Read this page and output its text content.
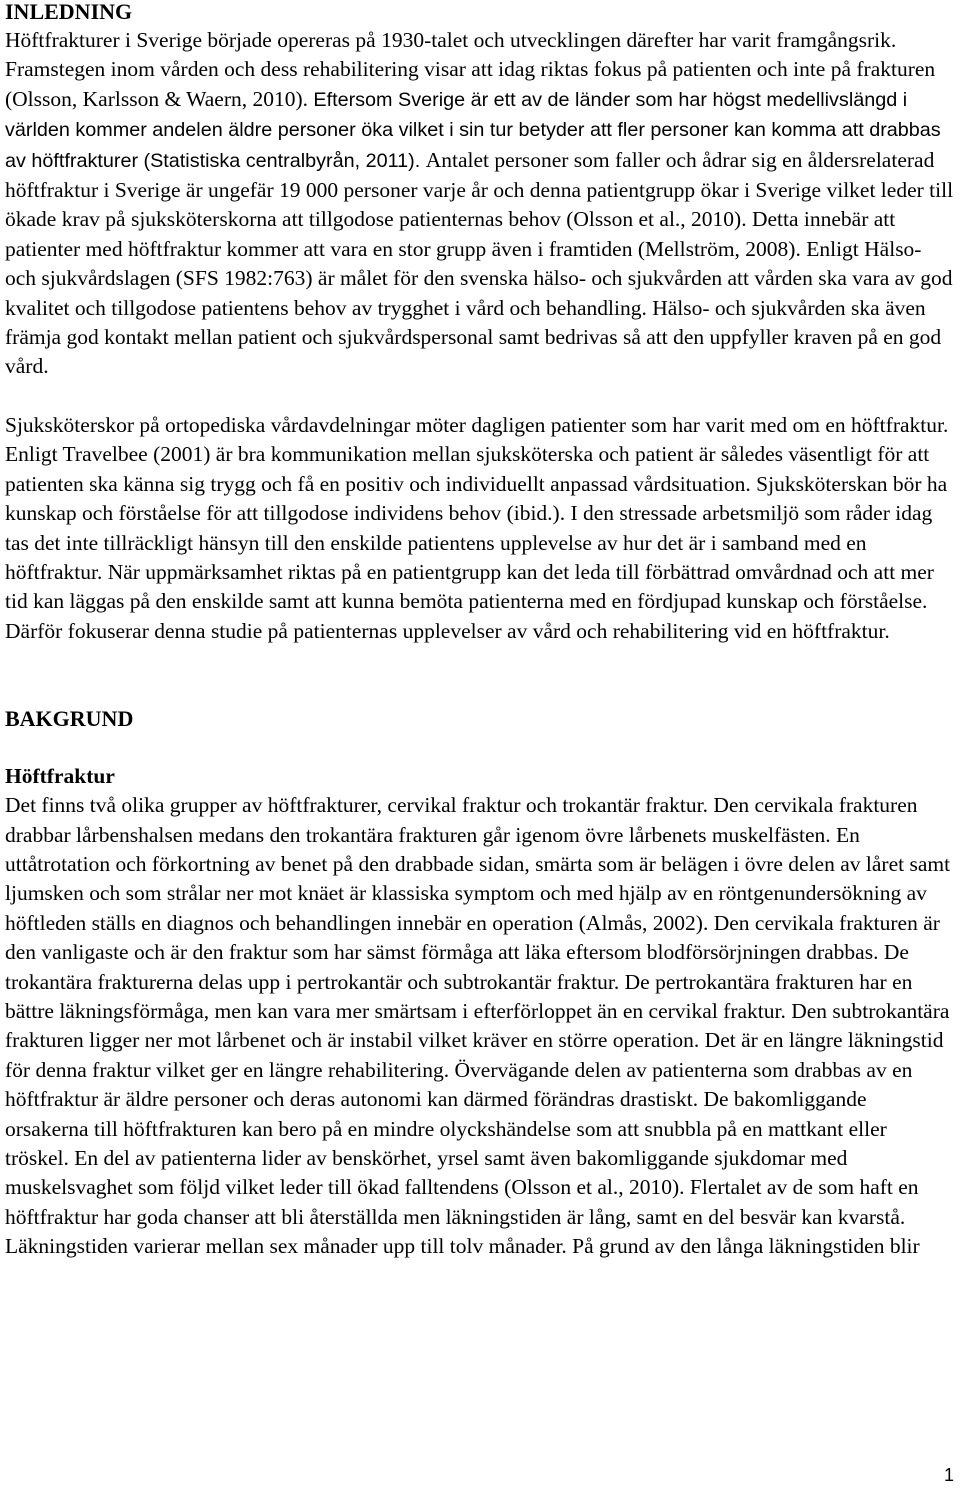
INLEDNING

Höftfrakturer i Sverige började opereras på 1930-talet och utvecklingen därefter har varit framgångsrik. Framstegen inom vården och dess rehabilitering visar att idag riktas fokus på patienten och inte på frakturen (Olsson, Karlsson & Waern, 2010). Eftersom Sverige är ett av de länder som har högst medellivslängd i världen kommer andelen äldre personer öka vilket i sin tur betyder att fler personer kan komma att drabbas av höftfrakturer (Statistiska centralbyrån, 2011). Antalet personer som faller och ådrar sig en åldersrelaterad höftfraktur i Sverige är ungefär 19 000 personer varje år och denna patientgrupp ökar i Sverige vilket leder till ökade krav på sjuksköterskorna att tillgodose patienternas behov (Olsson et al., 2010). Detta innebär att patienter med höftfraktur kommer att vara en stor grupp även i framtiden (Mellström, 2008). Enligt Hälso- och sjukvårdslagen (SFS 1982:763) är målet för den svenska hälso- och sjukvården att vården ska vara av god kvalitet och tillgodose patientens behov av trygghet i vård och behandling. Hälso- och sjukvården ska även främja god kontakt mellan patient och sjukvårdspersonal samt bedrivas så att den uppfyller kraven på en god vård.

Sjuksköterskor på ortopediska vårdavdelningar möter dagligen patienter som har varit med om en höftfraktur. Enligt Travelbee (2001) är bra kommunikation mellan sjuksköterska och patient är således väsentligt för att patienten ska känna sig trygg och få en positiv och individuellt anpassad vårdsituation. Sjuksköterskan bör ha kunskap och förståelse för att tillgodose individens behov (ibid.). I den stressade arbetsmiljö som råder idag tas det inte tillräckligt hänsyn till den enskilde patientens upplevelse av hur det är i samband med en höftfraktur. När uppmärksamhet riktas på en patientgrupp kan det leda till förbättrad omvårdnad och att mer tid kan läggas på den enskilde samt att kunna bemöta patienterna med en fördjupad kunskap och förståelse. Därför fokuserar denna studie på patienternas upplevelser av vård och rehabilitering vid en höftfraktur.

BAKGRUND
Höftfraktur

Det finns två olika grupper av höftfrakturer, cervikal fraktur och trokantär fraktur. Den cervikala frakturen drabbar lårbenshalsen medans den trokantära frakturen går igenom övre lårbenets muskelfästen. En uttåtrotation och förkortning av benet på den drabbade sidan, smärta som är belägen i övre delen av låret samt ljumsken och som strålar ner mot knäet är klassiska symptom och med hjälp av en röntgenundersökning av höftleden ställs en diagnos och behandlingen innebär en operation (Almås, 2002). Den cervikala frakturen är den vanligaste och är den fraktur som har sämst förmåga att läka eftersom blodförsörjningen drabbas. De trokantära frakturerna delas upp i pertrokantär och subtrokantär fraktur. De pertrokantära frakturen har en bättre läkningsförmåga, men kan vara mer smärtsam i efterförloppet än en cervikal fraktur. Den subtrokantära frakturen ligger ner mot lårbenet och är instabil vilket kräver en större operation. Det är en längre läkningstid för denna fraktur vilket ger en längre rehabilitering. Övervägande delen av patienterna som drabbas av en höftfraktur är äldre personer och deras autonomi kan därmed förändras drastiskt. De bakomliggande orsakerna till höftfrakturen kan bero på en mindre olyckshändelse som att snubbla på en mattkant eller tröskel. En del av patienterna lider av benskörhet, yrsel samt även bakomliggande sjukdomar med muskelsvaghet som följd vilket leder till ökad falltendens (Olsson et al., 2010). Flertalet av de som haft en höftfraktur har goda chanser att bli återställda men läkningstiden är lång, samt en del besvär kan kvarstå. Läkningstiden varierar mellan sex månader upp till tolv månader. På grund av den långa läkningstiden blir

1
